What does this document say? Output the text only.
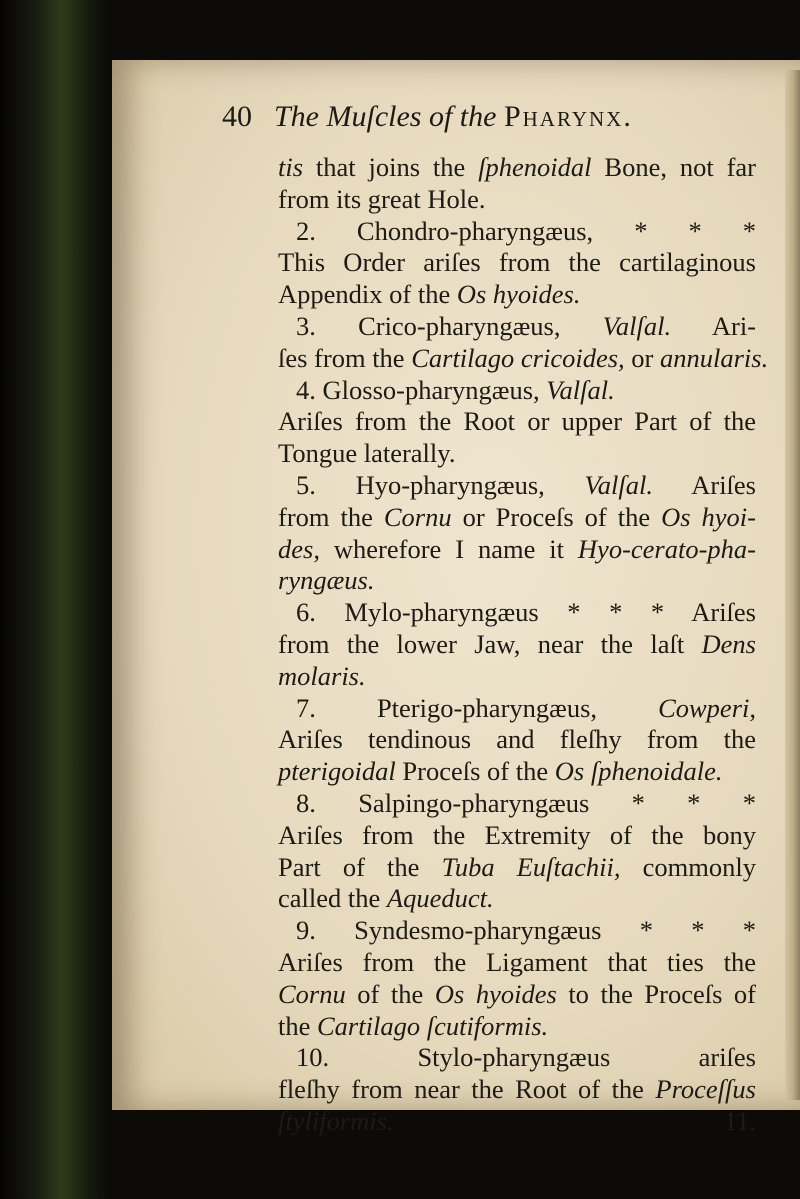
40 The Muſcles of the Pharynx.
tis that joins the ſphenoidal Bone, not far
from its great Hole.
2. Chondro-pharyngæus, * * *
This Order ariſes from the cartilaginous
Appendix of the Os hyoides.
3. Crico-pharyngæus, Valſal. Ari-
ſes from the Cartilago cricoides, or annularis.
4. Glosso-pharyngæus, Valſal.
Ariſes from the Root or upper Part of the
Tongue laterally.
5. Hyo-pharyngæus, Valſal. Ariſes
from the Cornu or Proceſs of the Os hyoi-
des, wherefore I name it Hyo-cerato-pha-
ryngæus.
6. Mylo-pharyngæus * * * Ariſes
from the lower Jaw, near the laſt Dens
molaris.
7. Pterigo-pharyngæus, Cowperi,
Ariſes tendinous and fleſhy from the
pterigoidal Proceſs of the Os ſphenoidale.
8. Salpingo-pharyngæus * * *
Ariſes from the Extremity of the bony
Part of the Tuba Euſtachii, commonly
called the Aqueduct.
9. Syndesmo-pharyngæus * * *
Ariſes from the Ligament that ties the
Cornu of the Os hyoides to the Proceſs of
the Cartilago ſcutiformis.
10. Stylo-pharyngæus ariſes
fleſhy from near the Root of the Proceſſus
ſtyliformis.	11.
